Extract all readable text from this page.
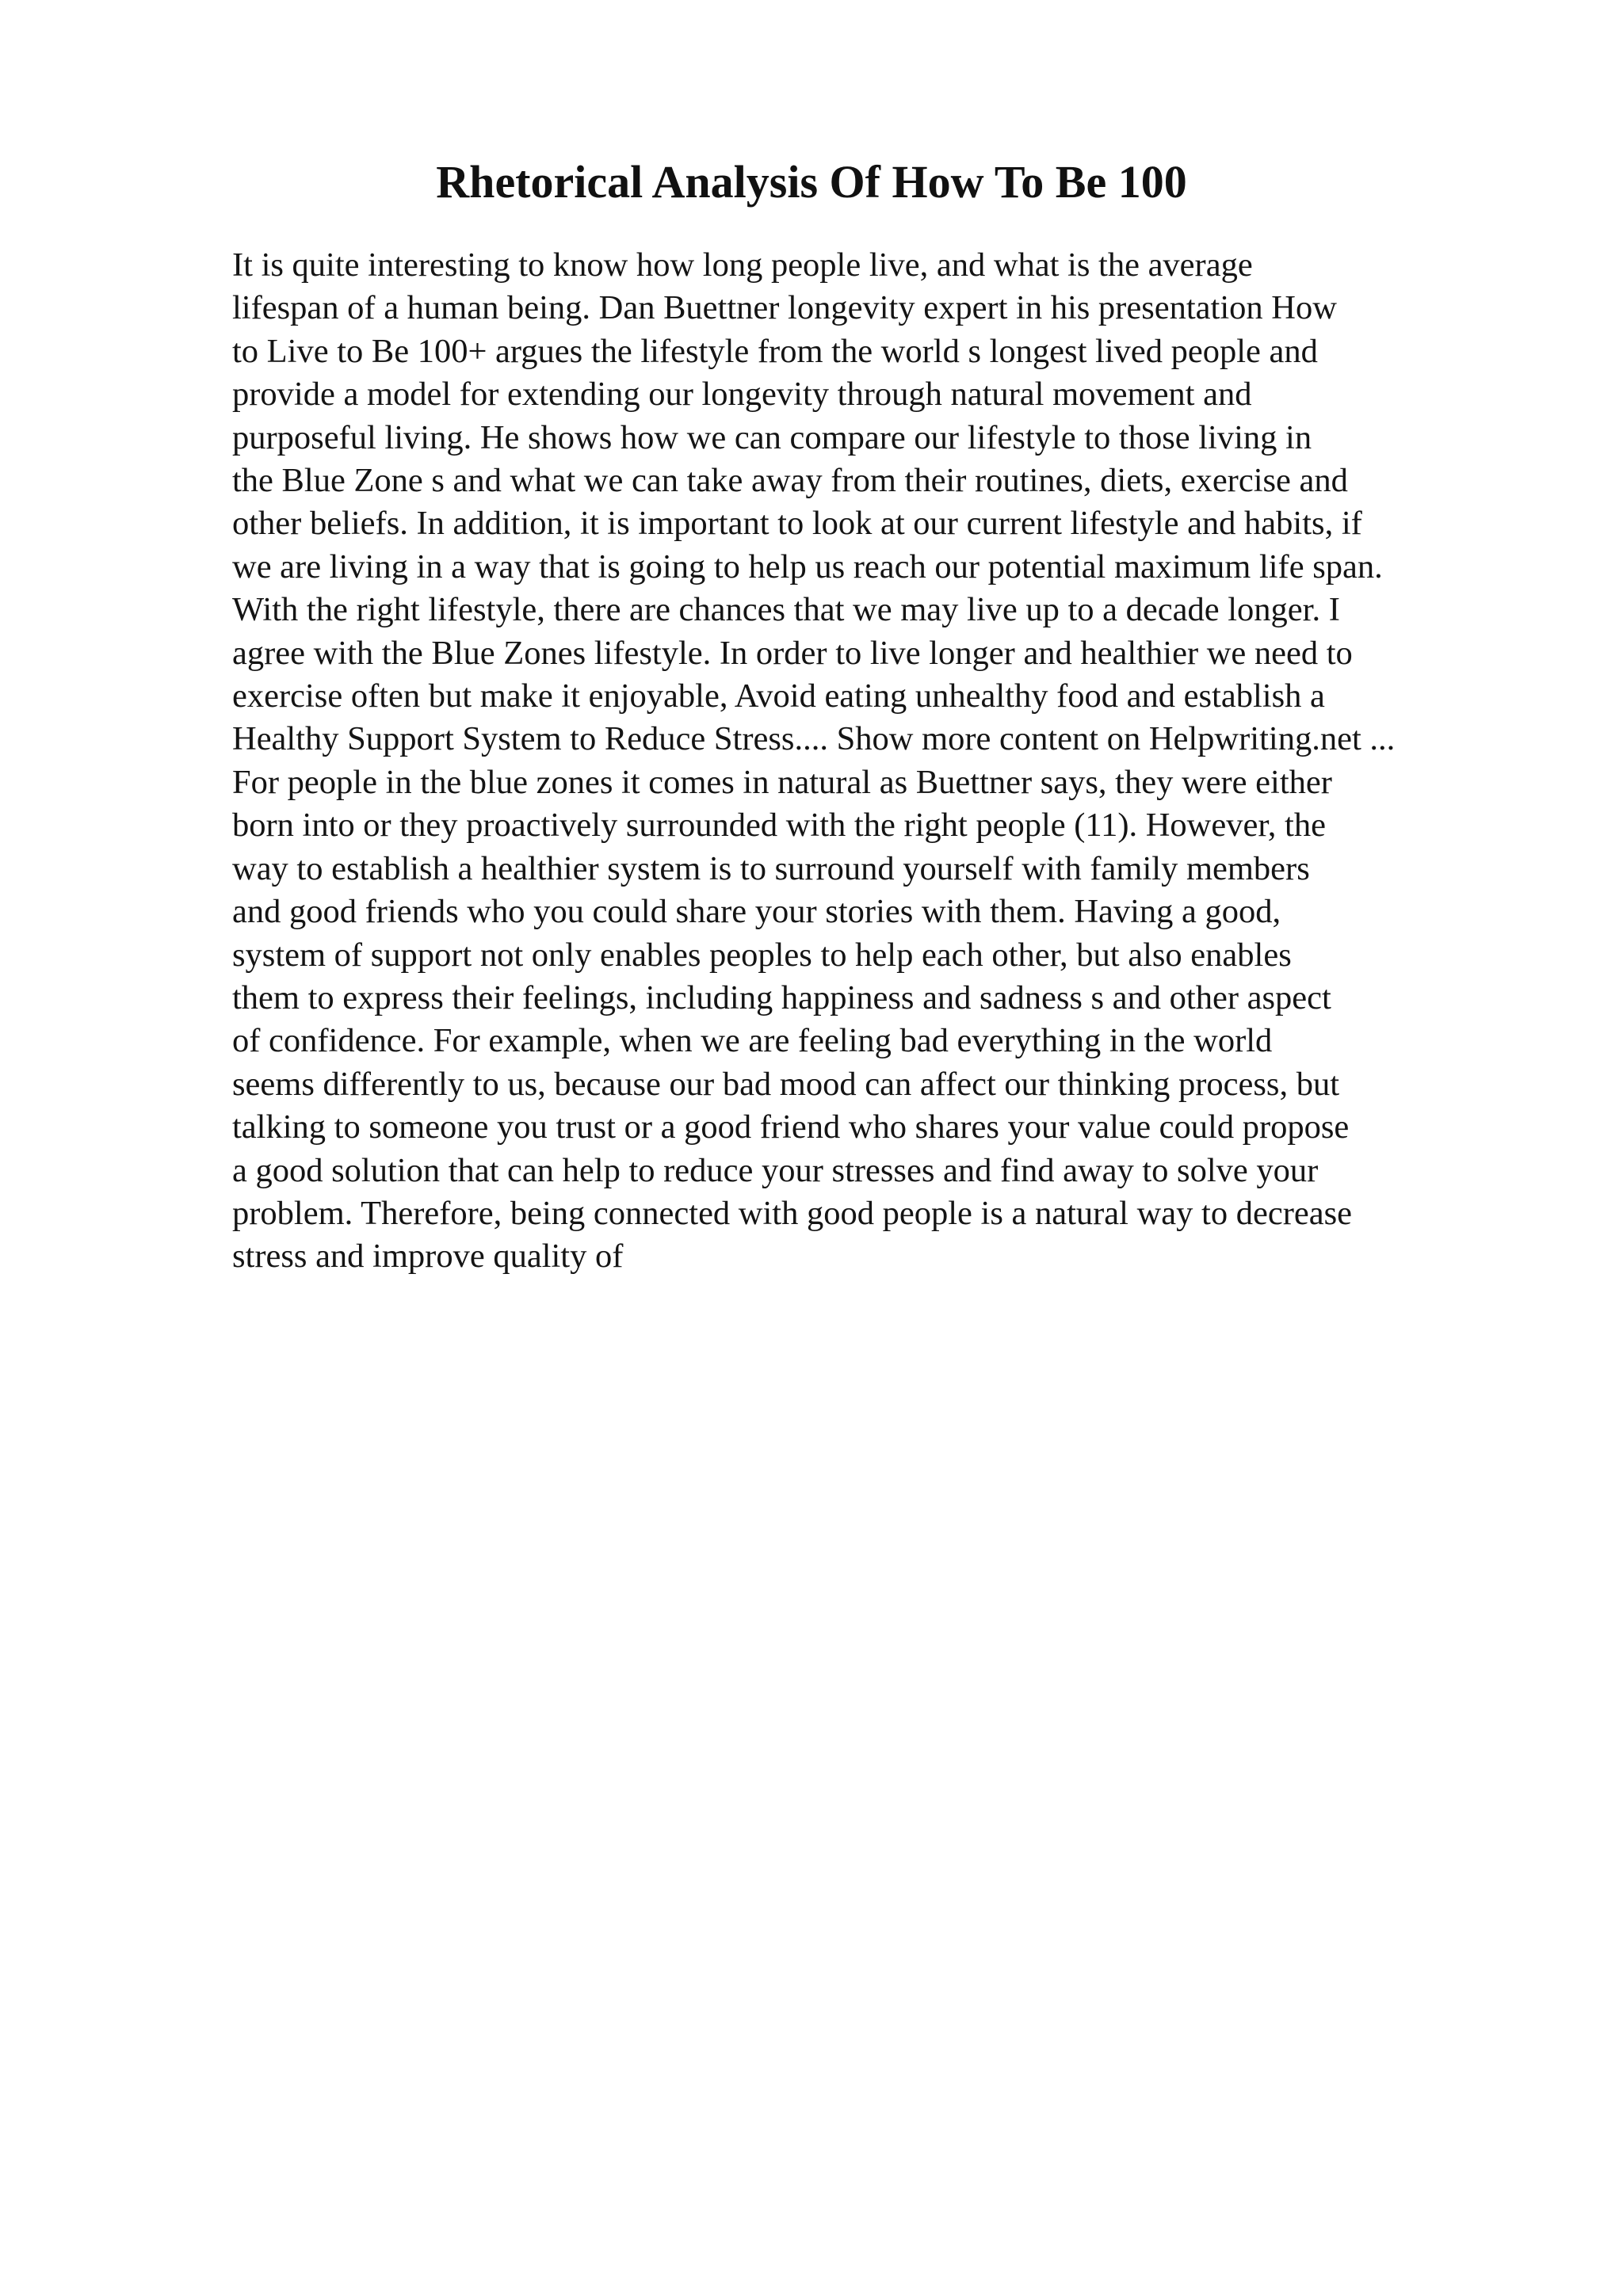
Rhetorical Analysis Of How To Be 100
It is quite interesting to know how long people live, and what is the average
lifespan of a human being. Dan Buettner longevity expert in his presentation How
to Live to Be 100+ argues the lifestyle from the world s longest lived people and
provide a model for extending our longevity through natural movement and
purposeful living. He shows how we can compare our lifestyle to those living in
the Blue Zone s and what we can take away from their routines, diets, exercise and
other beliefs. In addition, it is important to look at our current lifestyle and habits, if
we are living in a way that is going to help us reach our potential maximum life span.
With the right lifestyle, there are chances that we may live up to a decade longer. I
agree with the Blue Zones lifestyle. In order to live longer and healthier we need to
exercise often but make it enjoyable, Avoid eating unhealthy food and establish a
Healthy Support System to Reduce Stress.... Show more content on Helpwriting.net ...
For people in the blue zones it comes in natural as Buettner says, they were either
born into or they proactively surrounded with the right people (11). However, the
way to establish a healthier system is to surround yourself with family members
and good friends who you could share your stories with them. Having a good,
system of support not only enables peoples to help each other, but also enables
them to express their feelings, including happiness and sadness s and other aspect
of confidence. For example, when we are feeling bad everything in the world
seems differently to us, because our bad mood can affect our thinking process, but
talking to someone you trust or a good friend who shares your value could propose
a good solution that can help to reduce your stresses and find away to solve your
problem. Therefore, being connected with good people is a natural way to decrease
stress and improve quality of
